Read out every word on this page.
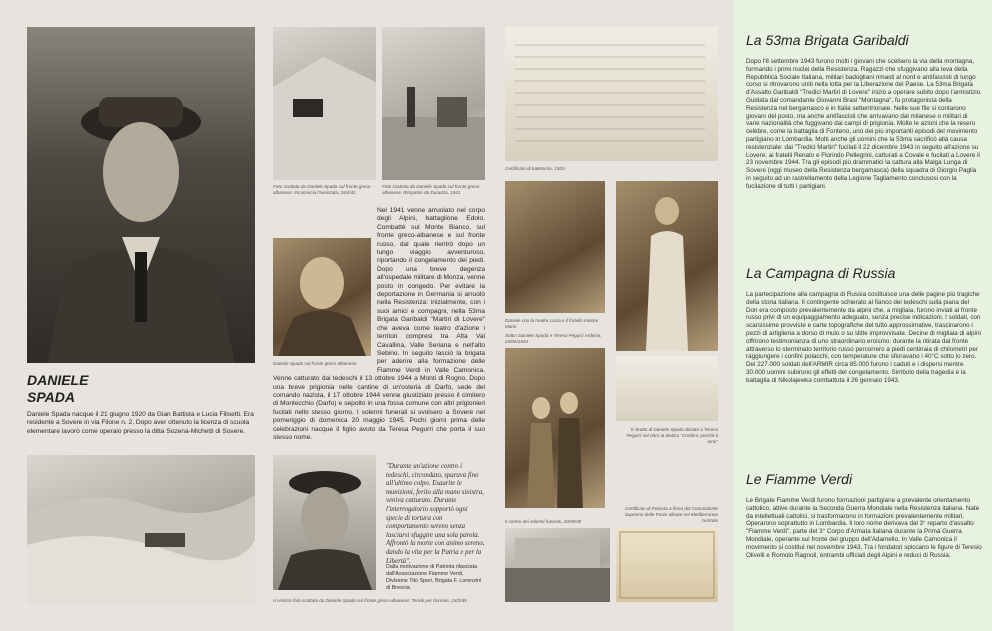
DANIELE
SPADA
Daniele Spada nacque il 21 giugno 1920 da Gian Battista e Lucia Filisetti. Era residente a Sovere in via Filone n. 2. Dopo aver ottenuto la licenza di scuola elementare lavorò come operaio presso la ditta Sozena-Michetti di Sovere.
Foto scattata da Daniele Spada sul fronte greco-albanese: Incamincia l'avanzata, 26/4/41
Foto scattata da Daniele Spada sul fronte greco-albanese: Rimpatrio da Durazzo, 1941
Daniele Spada sul fronte greco-albanese
Nel 1941 venne arruolato nel corpo degli Alpini, battaglione Edolo. Combatté sul Monte Bianco, sul fronte greco-albanese e sul fronte russo, dal quale rientrò dopo un lungo viaggio avventuroso, riportando il congelamento dei piedi. Dopo una breve degenza all'ospedale militare di Monza, venne posto in congedo. Per evitare la deportazione in Germania si arruolò nella Resistenza: inizialmente, con i suoi amici e compagni, nella 53ma Brigata Garibaldi "Martiri di Lovere" che aveva come teatro d'azione i territori compresi tra Alta Val Cavallina, Valle Seriana e nell'alto Sebino. In seguito lasciò la brigata per aderire alla formazione delle Fiamme Verdi in Valle Camonica. Venne catturato dai tedeschi il 13 ottobre 1944 a Monti di Rogno. Dopo una breve prigionia nelle cantine di un'osteria di Darfo, sede del comando nazista, il 17 ottobre 1944 venne giustiziato presso il cimitero di Montecchio (Darfo) e sepolto in una fossa comune con altri prigionieri fucilati nello stesso giorno. I solenni funerali si svolsero a Sovere nel pomeriggio di domenica 20 maggio 1945. Pochi giorni prima delle celebrazioni nacque il figlio avuto da Teresa Pegurri che porta il suo stesso nome.
"Durante un'azione contro i tedeschi, circondato, sparava fino all'ultimo colpo. Esaurite le munizioni, ferito alla mano sinistra, veniva catturato. Durante l'interrogatorio sopportò ogni specie di tortura con comportamento sereno senza lasciarsi sfuggire una sola parola. Affrontò la morte con animo sereno, dando la vita per la Patria e per la Libertà".
Dalla motivazione di Patriota rilasciata dall'Associazione Fiamme Verdi, Divisione Tito Speri, Brigata F. Lorenzini di Brescia.
A sinistra foto scattata da Daniele Spada sul fronte greco-albanese: Tende per dormire, 24/2/45
Certificato di battesimo, 1920
Daniele con la madre Lucia e il fratello minore Mario
Sotto: Daniele Spada e Teresa Pegurri Ardesio, 23/06/1944
Il ritratto di Daniele Spada donato a Teresa Pegurri nel retro la dedica "Credimi, perché ti amo"
Il corteo dei solenni funerali, 20/05/45
Certificato di Patriota a firma del Comandante Supremo delle Forze alleate nel Mediterraneo centrale
La 53ma Brigata Garibaldi
Dopo l'8 settembre 1943 furono molti i giovani che scelsero la via della montagna, formando i primi nuclei della Resistenza. Ragazzi che sfuggivano alla leva della Repubblica Sociale Italiana, militari badogliani rimasti al nord e antifascisti di lungo corso si ritrovarono uniti nella lotta per la Liberazione del Paese. La 53ma Brigata d'Assalto Garibaldi "Tredici Martiri di Lovere" iniziò a operare subito dopo l'armistizio. Guidata dal comandante Giovanni Brasi "Montagna", fu protagonista della Resistenza nel bergamasco e in Italia settentrionale. Nelle sue file si contarono giovani del posto, ma anche antifascisti che arrivavano dal milanese o militari di varie nazionalità che fuggivano dai campi di prigionia. Molte le azioni che la resero celebre, come la battaglia di Fonteno, uno dei più importanti episodi del movimento partigiano in Lombardia. Molti anche gli uomini che la 53ma sacrificò alla causa resistenziale: dai "Tredici Martiri" fucilati il 22 dicembre 1943 in seguito all'azione su Lovere; ai fratelli Renato e Florindo Pellegrini, catturati a Covale e fucilati a Lovere il 23 novembre 1944. Tra gli episodi più drammatici la cattura alla Malga Lunga di Sovere (oggi museo della Resistenza bergamasca) della squadra di Giorgio Paglia in seguito ad un rastrellamento della Legione Tagliamento conclusosi con la fucilazione di tutti i partigiani.
La Campagna di Russia
La partecipazione alla campagna di Russia costituisce una delle pagine più tragiche della storia italiana. Il contingente schierato al fianco dei tedeschi sulla piana del Don era composto prevalentemente da alpini che, a migliaia, furono inviati al fronte russo privi di un equipaggiamento adeguato, senza precise indicazioni. I soldati, con scarsissime provviste e carte topografiche del tutto approssimative, trascinarono i pezzi di artiglieria a dorso di mulo o su slitte improvvisate. Decine di migliaia di alpini offrirono testimonianza di uno straordinario eroismo: durante la ritirata dal fronte attraverso lo sterminato territorio russo percorrero a piedi centinaia di chilometri per raggiungere i confini polacchi, con temperature che sfioravano i 40°C sotto lo zero. Dei 227.000 soldati dell'ARMIR circa 85.000 furono i caduti e i dispersi mentre 30.000 uomini subirono gli effetti del congelamento. Simbolo della tragedia è la battaglia di Nikolajewka combattuta il 26 gennaio 1943.
Le Fiamme Verdi
Le Brigate Fiamme Verdi furono formazioni partigiane a prevalente orientamento cattolico, attive durante la Seconda Guerra Mondiale nella Resistenza italiana. Nate da intellettuali cattolici, si trasformarono in formazioni prevalentemente militari. Operarono soprattutto in Lombardia. Il loro nome derivava dal 3° reparto d'assalto "Fiamme Verdi", parte del 3° Corpo d'Armata italiana durante la Prima Guerra Mondiale, operante sul fronte del gruppo dell'Adamello. In Valle Camonica il movimento si costituì nel novembre 1943. Tra i fondatori spiccano le figure di Teresio Olivelli e Romolo Ragnoli, entrambi ufficiali degli Alpini e reduci di Russia.
